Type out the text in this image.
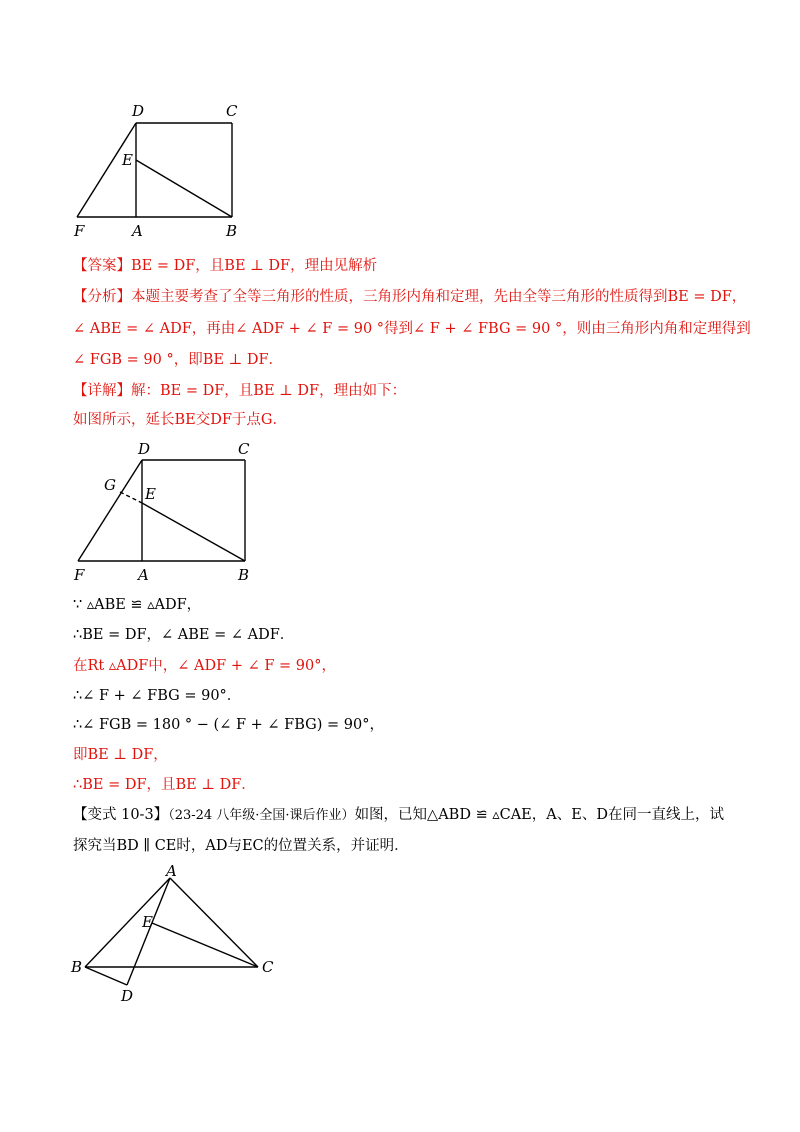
D	C
E
F	A	B
【答案】BE = DF，且BE ⊥ DF，理由见解析
【分析】本题主要考查了全等三角形的性质，三角形内角和定理，先由全等三角形的性质得到BE = DF，
∠ ABE = ∠ ADF，再由∠ ADF + ∠ F = 90 °得到∠ F + ∠ FBG = 90 °，则由三角形内角和定理得到
∠ FGB = 90 °，即BE ⊥ DF．
【详解】解：BE = DF，且BE ⊥ DF，理由如下：
如图所示，延长BE交DF于点G．
D	C
G E
F	A	B
∵ ▵ABE ≌ ▵ADF，
∴BE = DF，∠ ABE = ∠ ADF．
在Rt ▵ADF中，∠ ADF + ∠ F = 90°，
∴∠ F + ∠ FBG = 90°．
∴∠ FGB = 180 ° − (∠ F + ∠ FBG) = 90°，
即BE ⊥ DF，
∴BE = DF，且BE ⊥ DF．
【变式 10-3】（23-24 八年级·全国·课后作业）如图，已知△ABD ≌ ▵CAE，A、E、D在同一直线上，试
探究当BD ∥ CE时，AD与EC的位置关系，并证明．
A
E
B	C
D
